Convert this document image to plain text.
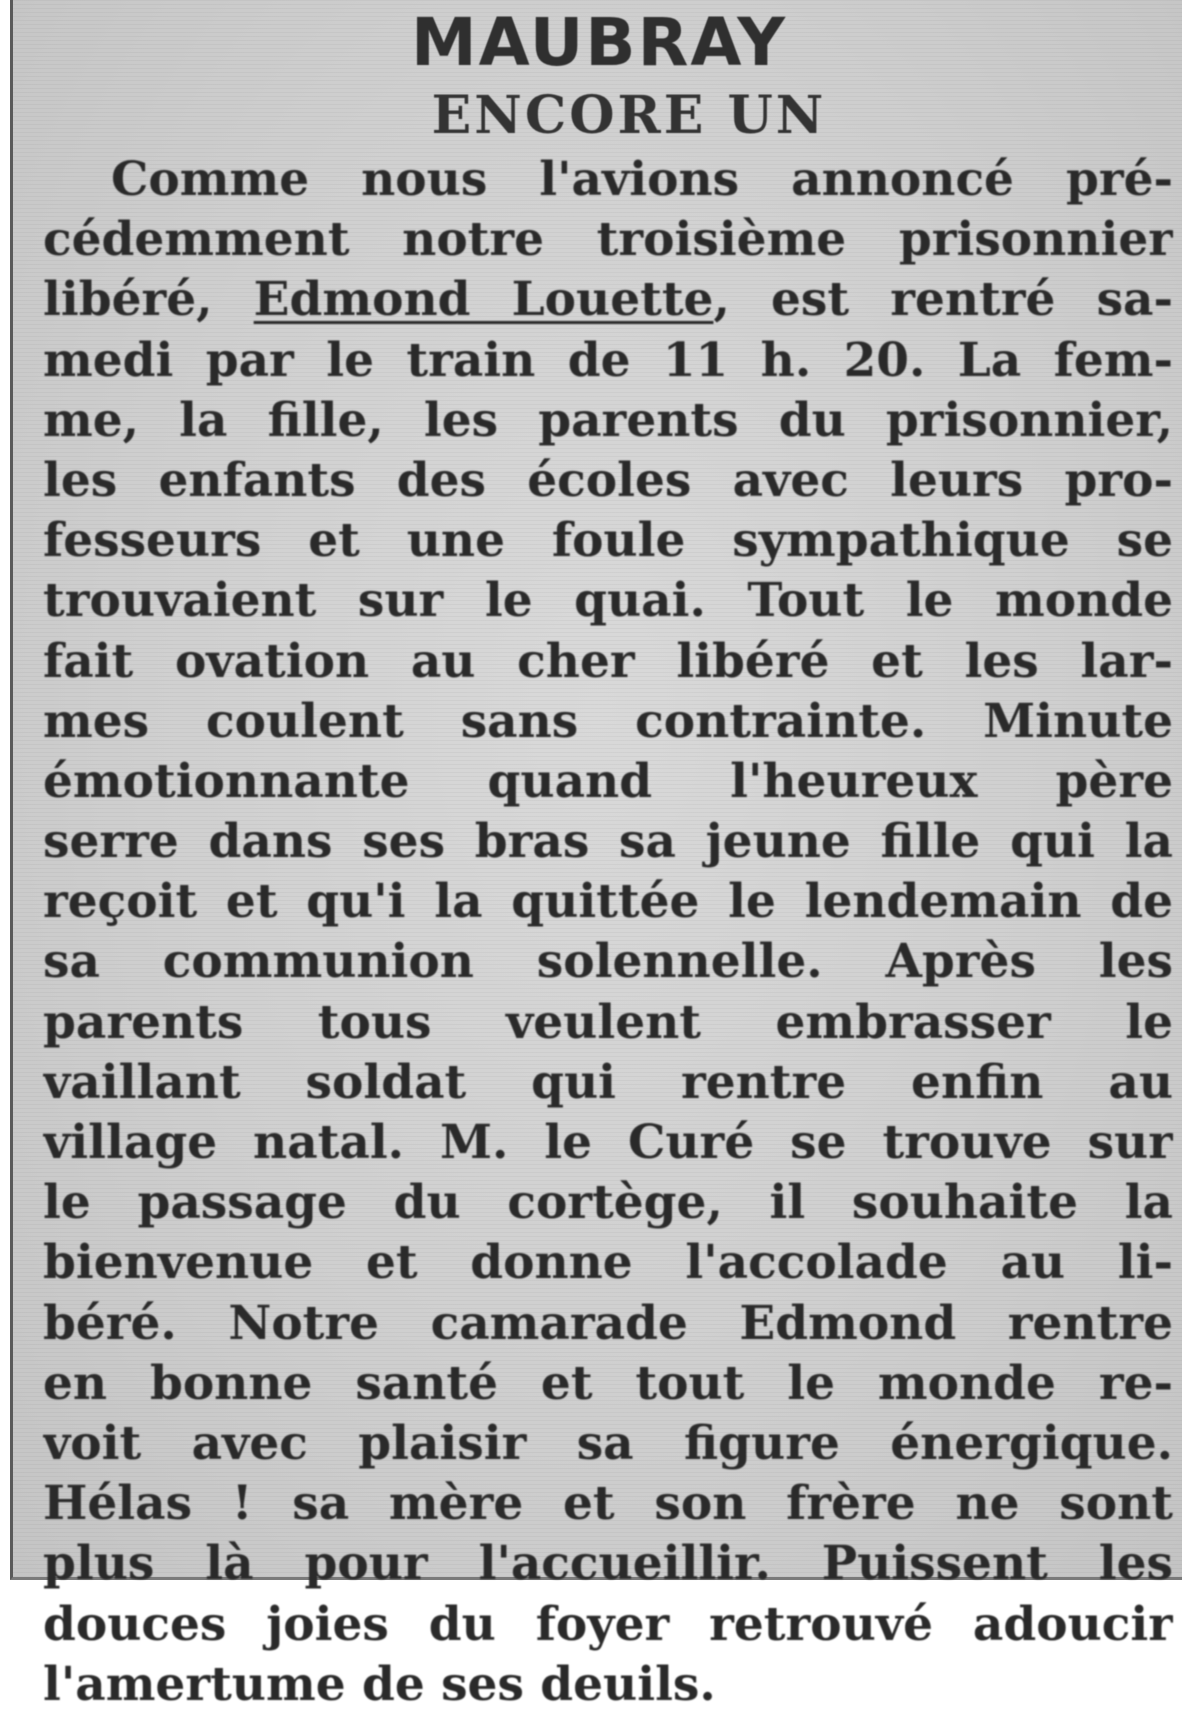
MAUBRAY
ENCORE UN
Comme nous l'avions annoncé pré-
cédemment notre troisième prisonnier
libéré, Edmond Louette, est rentré sa-
medi par le train de 11 h. 20. La fem-
me, la fille, les parents du prisonnier,
les enfants des écoles avec leurs pro-
fesseurs et une foule sympathique se
trouvaient sur le quai. Tout le monde
fait ovation au cher libéré et les lar-
mes coulent sans contrainte. Minute
émotionnante quand l'heureux père
serre dans ses bras sa jeune fille qui la
reçoit et qu'i la quittée le lendemain de
sa communion solennelle. Après les
parents tous veulent embrasser le
vaillant soldat qui rentre enfin au
village natal. M. le Curé se trouve sur
le passage du cortège, il souhaite la
bienvenue et donne l'accolade au li-
béré. Notre camarade Edmond rentre
en bonne santé et tout le monde re-
voit avec plaisir sa figure énergique.
Hélas ! sa mère et son frère ne sont
plus là pour l'accueillir. Puissent les
douces joies du foyer retrouvé adoucir
l'amertume de ses deuils.
